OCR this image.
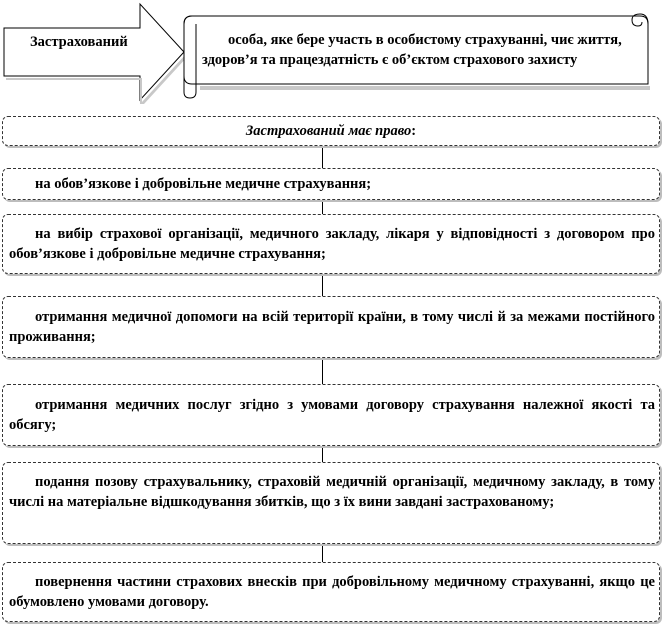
Застрахований	особа, яке бере участь в особистому страхуванні, чиє життя, здоров’я та працездатність є об’єктом страхового захисту
Застрахований має право:
на обов’язкове і добровільне медичне страхування;
на вибір страхової організації, медичного закладу, лікаря у відповідності з договором про обов’язкове і добровільне медичне страхування;
отримання медичної допомоги на всій території країни, в тому числі й за межами постійного проживання;
отримання медичних послуг згідно з умовами договору страхування належної якості та обсягу;
подання позову страхувальнику, страховій медичній організації, медичному закладу, в тому числі на матеріальне відшкодування збитків, що з їх вини завдані застрахованому;
повернення частини страхових внесків при добровільному медичному страхуванні, якщо це обумовлено умовами договору.
